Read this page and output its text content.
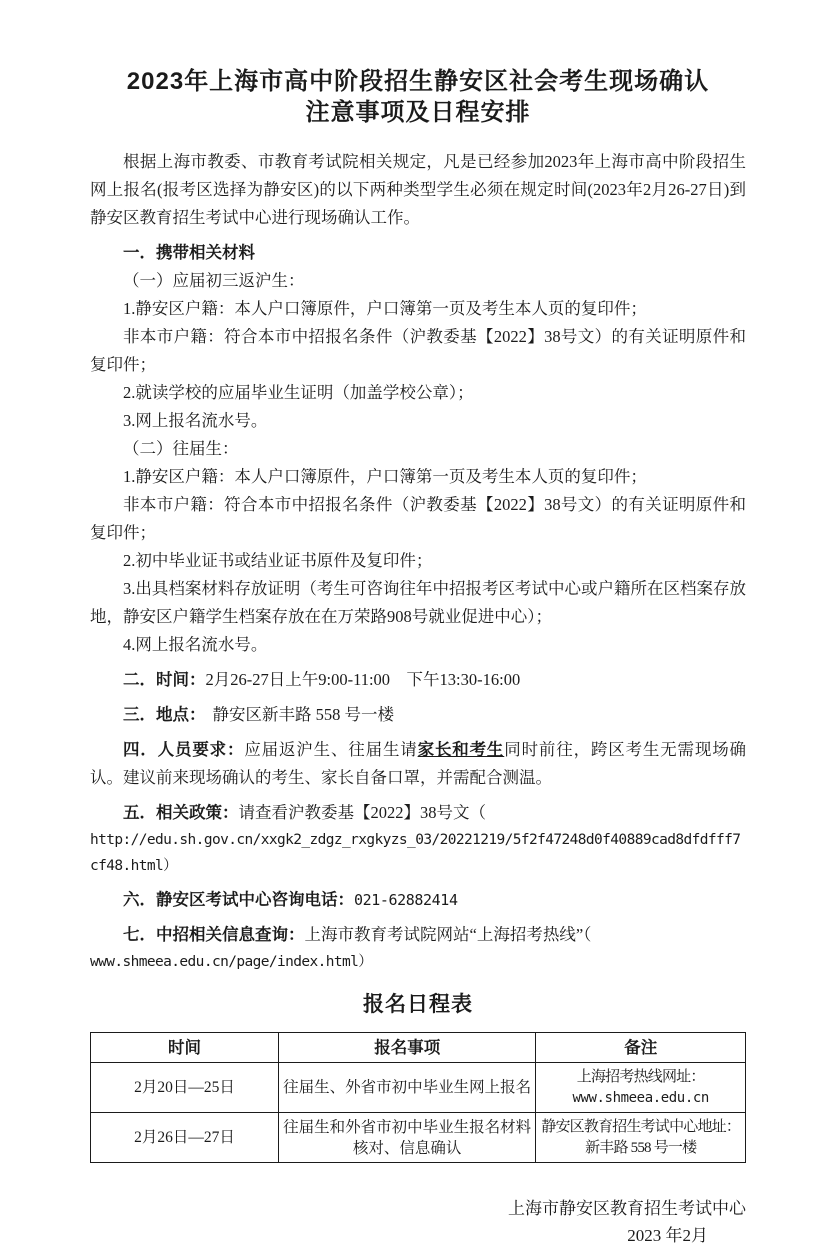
2023年上海市高中阶段招生静安区社会考生现场确认
注意事项及日程安排

根据上海市教委、市教育考试院相关规定，凡是已经参加2023年上海市高中阶段招生网上报名(报考区选择为静安区)的以下两种类型学生必须在规定时间(2023年2月26-27日)到静安区教育招生考试中心进行现场确认工作。

一．携带相关材料

（一）应届初三返沪生：

1.静安区户籍：本人户口簿原件，户口簿第一页及考生本人页的复印件；

非本市户籍：符合本市中招报名条件（沪教委基【2022】38号文）的有关证明原件和复印件；

2.就读学校的应届毕业生证明（加盖学校公章）；

3.网上报名流水号。

（二）往届生：

1.静安区户籍：本人户口簿原件，户口簿第一页及考生本人页的复印件；

非本市户籍：符合本市中招报名条件（沪教委基【2022】38号文）的有关证明原件和复印件；

2.初中毕业证书或结业证书原件及复印件；

3.出具档案材料存放证明（考生可咨询往年中招报考区考试中心或户籍所在区档案存放地，静安区户籍学生档案存放在在万荣路908号就业促进中心）；

4.网上报名流水号。

二．时间：2月26-27日上午9:00-11:00　下午13:30-16:00

三．地点： 静安区新丰路 558 号一楼

四．人员要求：应届返沪生、往届生请家长和考生同时前往，跨区考生无需现场确认。建议前来现场确认的考生、家长自备口罩，并需配合测温。

五．相关政策：请查看沪教委基【2022】38号文（

http://edu.sh.gov.cn/xxgk2_zdgz_rxgkyzs_03/20221219/5f2f47248d0f40889cad8dfdfff7cf48.html）

六．静安区考试中心咨询电话：021-62882414

七．中招相关信息查询：上海市教育考试院网站“上海招考热线”（

www.shmeea.edu.cn/page/index.html）

报名日程表
时间	报名事项	备注
2月20日—25日	往届生、外省市初中毕业生网上报名	上海招考热线网址：
www.shmeea.edu.cn

2月26日—27日	往届生和外省市初中毕业生报名材料核对、信息确认	静安区教育招生考试中心地址：
新丰路 558 号一楼
上海市静安区教育招生考试中心
2023 年2月
